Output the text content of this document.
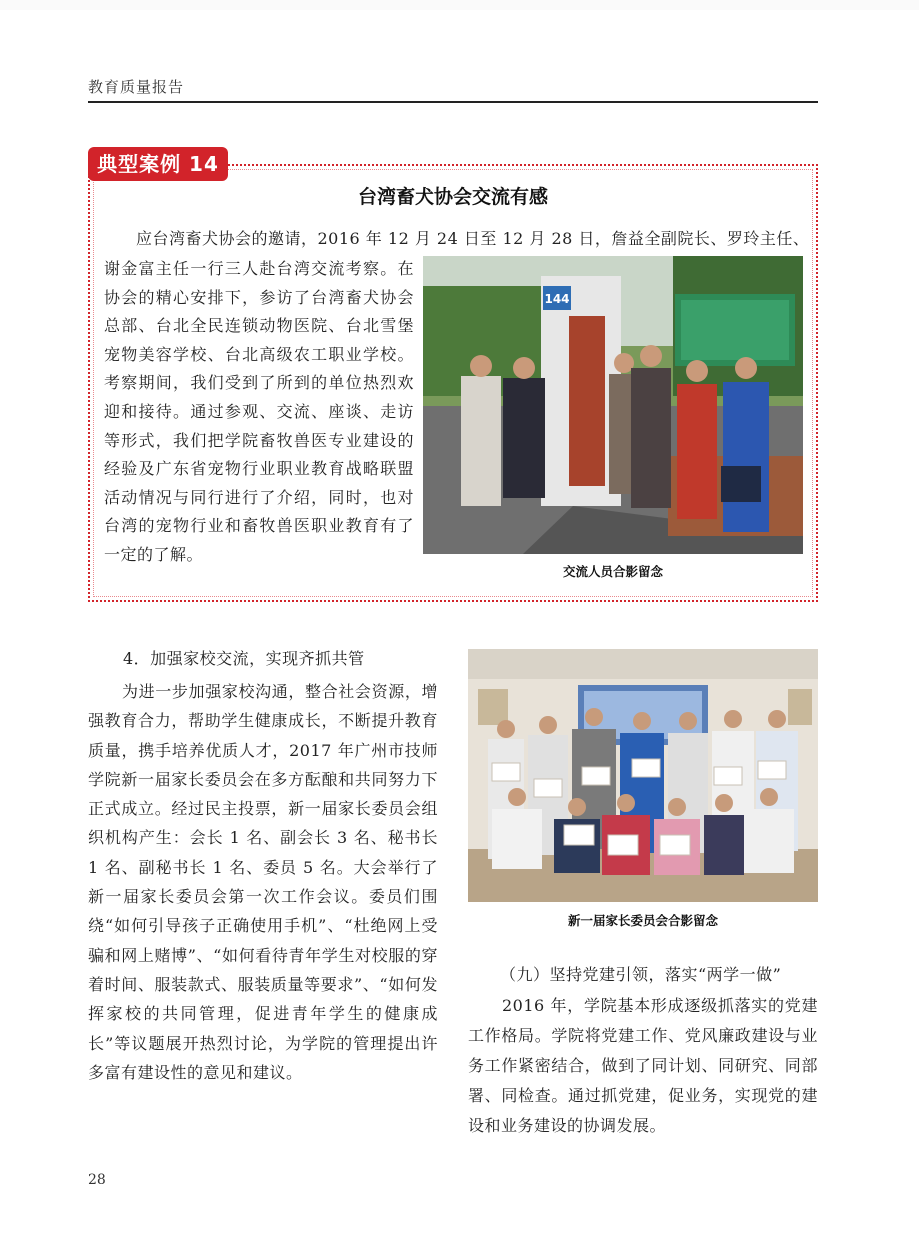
教育质量报告
典型案例 14
台湾畜犬协会交流有感
应台湾畜犬协会的邀请，2016 年 12 月 24 日至 12 月 28 日，詹益全副院长、罗玲主任、
谢金富主任一行三人赴台湾交流考察。在协会的精心安排下，参访了台湾畜犬协会总部、台北全民连锁动物医院、台北雪堡宠物美容学校、台北高级农工职业学校。考察期间，我们受到了所到的单位热烈欢迎和接待。通过参观、交流、座谈、走访等形式，我们把学院畜牧兽医专业建设的经验及广东省宠物行业职业教育战略联盟活动情况与同行进行了介绍，同时，也对台湾的宠物行业和畜牧兽医职业教育有了一定的了解。
144
交流人员合影留念
4．加强家校交流，实现齐抓共管
为进一步加强家校沟通，整合社会资源，增强教育合力，帮助学生健康成长，不断提升教育质量，携手培养优质人才，2017 年广州市技师学院新一届家长委员会在多方酝酿和共同努力下正式成立。经过民主投票，新一届家长委员会组织机构产生：会长 1 名、副会长 3 名、秘书长 1 名、副秘书长 1 名、委员 5 名。大会举行了新一届家长委员会第一次工作会议。委员们围绕“如何引导孩子正确使用手机”、“杜绝网上受骗和网上赌博”、“如何看待青年学生对校服的穿着时间、服装款式、服装质量等要求”、“如何发挥家校的共同管理，促进青年学生的健康成长”等议题展开热烈讨论，为学院的管理提出许多富有建设性的意见和建议。
新一届家长委员会合影留念
（九）坚持党建引领，落实“两学一做”
2016 年，学院基本形成逐级抓落实的党建工作格局。学院将党建工作、党风廉政建设与业务工作紧密结合，做到了同计划、同研究、同部署、同检查。通过抓党建，促业务，实现党的建设和业务建设的协调发展。
28
